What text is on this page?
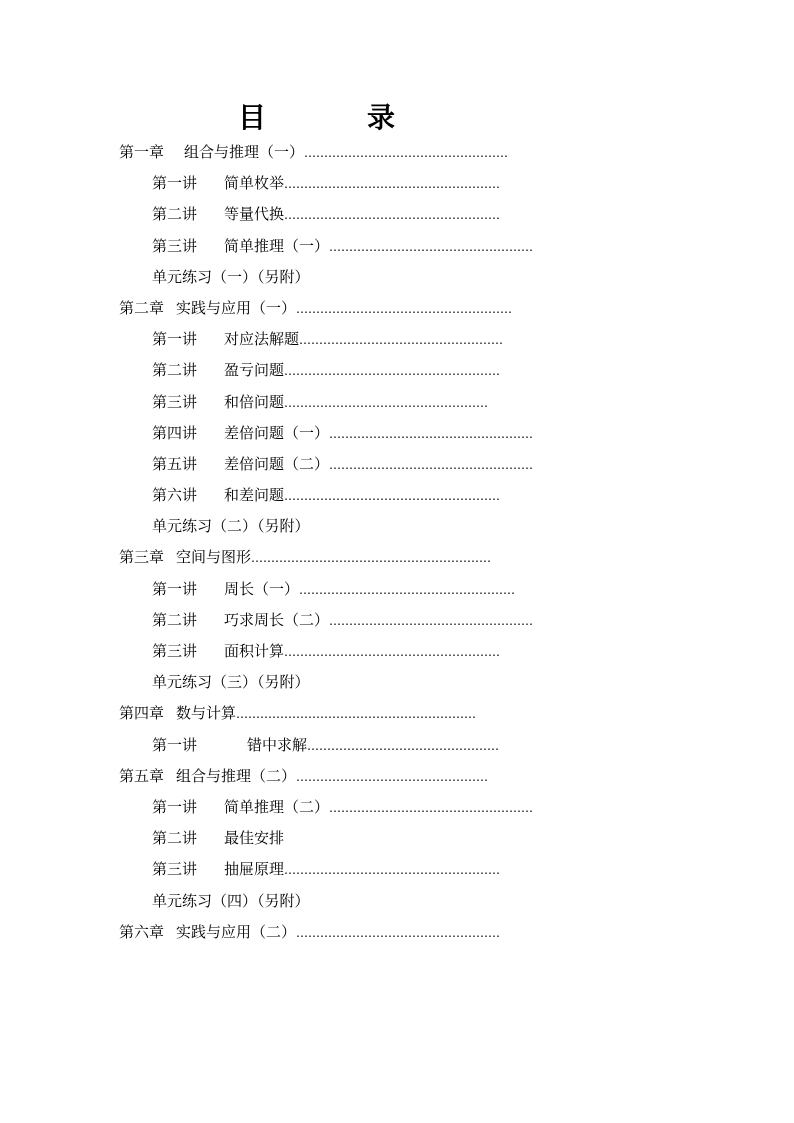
目	录
第一章 组合与推理（一）……………………………………………
第一讲 简单枚举………………………………………………
第二讲 等量代换………………………………………………
第三讲 简单推理（一）……………………………………………
单元练习（一）（另附）
第二章 实践与应用（一）………………………………………………
第一讲 对应法解题……………………………………………
第二讲 盈亏问题………………………………………………
第三讲 和倍问题……………………………………………
第四讲 差倍问题（一）……………………………………………
第五讲 差倍问题（二）……………………………………………
第六讲 和差问题………………………………………………
单元练习（二）（另附）
第三章 空间与图形……………………………………………………
第一讲 周长（一）………………………………………………
第二讲 巧求周长（二）……………………………………………
第三讲 面积计算………………………………………………
单元练习（三）（另附）
第四章 数与计算……………………………………………………
第一讲	错中求解…………………………………………
第五章 组合与推理（二）…………………………………………
第一讲 简单推理（二）……………………………………………
第二讲 最佳安排
第三讲 抽屉原理………………………………………………
单元练习（四）（另附）
第六章 实践与应用（二）……………………………………………
